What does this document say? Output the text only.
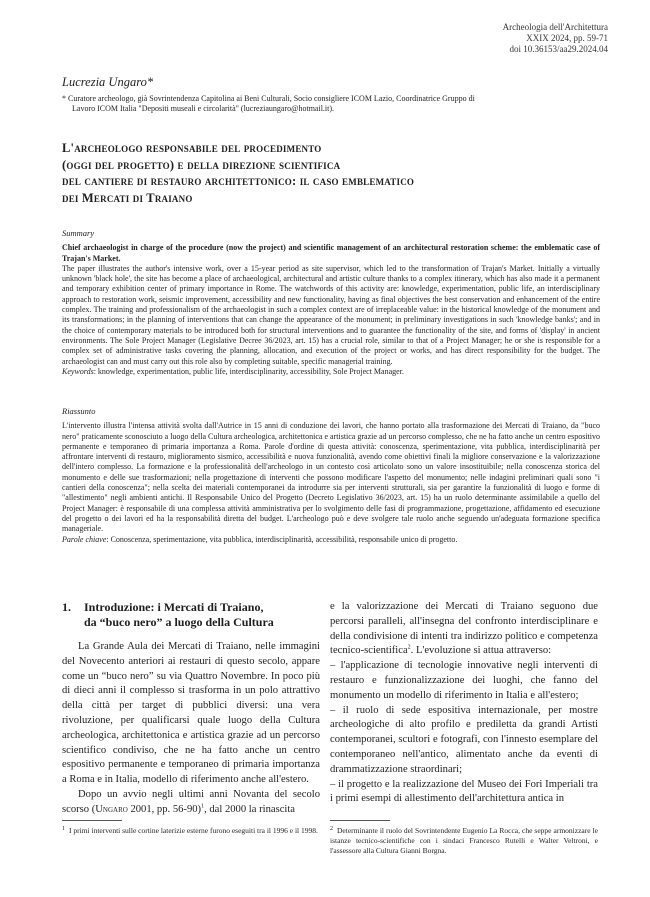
Archeologia dell'Architettura
XXIX 2024, pp. 59-71
doi 10.36153/aa29.2024.04
Lucrezia Ungaro*
* Curatore archeologo, già Sovrintendenza Capitolina ai Beni Culturali, Socio consigliere ICOM Lazio, Coordinatrice Gruppo di Lavoro ICOM Italia "Depositi museali e circolarità" (lucreziaungaro@hotmail.it).
L'archeologo responsabile del procedimento
(oggi del progetto) e della direzione scientifica
del cantiere di restauro architettonico: il caso emblematico
dei Mercati di Traiano
Summary

Chief archaeologist in charge of the procedure (now the project) and scientific management of an architectural restoration scheme: the emblematic case of Trajan's Market.

The paper illustrates the author's intensive work, over a 15-year period as site supervisor, which led to the transformation of Trajan's Market. Initially a virtually unknown 'black hole', the site has become a place of archaeological, architectural and artistic culture thanks to a complex itinerary, which has also made it a permanent and temporary exhibition center of primary importance in Rome. The watchwords of this activity are: knowledge, experimentation, public life, an interdisciplinary approach to restoration work, seismic improvement, accessibility and new functionality, having as final objectives the best conservation and enhancement of the entire complex. The training and professionalism of the archaeologist in such a complex context are of irreplaceable value: in the historical knowledge of the monument and its transformations; in the planning of interventions that can change the appearance of the monument; in preliminary investigations in such 'knowledge banks'; and in the choice of contemporary materials to be introduced both for structural interventions and to guarantee the functionality of the site, and forms of 'display' in ancient environments. The Sole Project Manager (Legislative Decree 36/2023, art. 15) has a crucial role, similar to that of a Project Manager; he or she is responsible for a complex set of administrative tasks covering the planning, allocation, and execution of the project or works, and has direct responsibility for the budget. The archaeologist can and must carry out this role also by completing suitable, specific managerial training.
Keywords: knowledge, experimentation, public life, interdisciplinarity, accessibility, Sole Project Manager.

Riassunto

L'intervento illustra l'intensa attività svolta dall'Autrice in 15 anni di conduzione dei lavori, che hanno portato alla trasformazione dei Mercati di Traiano, da "buco nero" praticamente sconosciuto a luogo della Cultura archeologica, architettonica e artistica grazie ad un percorso complesso, che ne ha fatto anche un centro espositivo permanente e temporaneo di primaria importanza a Roma. Parole d'ordine di questa attività: conoscenza, sperimentazione, vita pubblica, interdisciplinarità per affrontare interventi di restauro, miglioramento sismico, accessibilità e nuova funzionalità, avendo come obiettivi finali la migliore conservazione e la valorizzazione dell'intero complesso. La formazione e la professionalità dell'archeologo in un contesto così articolato sono un valore insostituibile; nella conoscenza storica del monumento e delle sue trasformazioni; nella progettazione di interventi che possono modificare l'aspetto del monumento; nelle indagini preliminari quali sono "i cantieri della conoscenza"; nella scelta dei materiali contemporanei da introdurre sia per interventi strutturali, sia per garantire la funzionalità di luogo e forme di "allestimento" negli ambienti antichi. Il Responsabile Unico del Progetto (Decreto Legislativo 36/2023, art. 15) ha un ruolo determinante assimilabile a quello del Project Manager: è responsabile di una complessa attività amministrativa per lo svolgimento delle fasi di programmazione, progettazione, affidamento ed esecuzione del progetto o dei lavori ed ha la responsabilità diretta del budget. L'archeologo può e deve svolgere tale ruolo anche seguendo un'adeguata formazione specifica manageriale.
Parole chiave: Conoscenza, sperimentazione, vita pubblica, interdisciplinarità, accessibilità, responsabile unico di progetto.

1.	Introduzione: i Mercati di Traiano,
da “buco nero” a luogo della Cultura

La Grande Aula dei Mercati di Traiano, nelle immagini del Novecento anteriori ai restauri di questo secolo, appare come un “buco nero” su via Quattro Novembre. In poco più di dieci anni il complesso si trasforma in un polo attrattivo della città per target di pubblici diversi: una vera rivoluzione, per qualificarsi quale luogo della Cultura archeologica, architettonica e artistica grazie ad un percorso scientifico condiviso, che ne ha fatto anche un centro espositivo permanente e temporaneo di primaria importanza a Roma e in Italia, modello di riferimento anche all'estero.

Dopo un avvio negli ultimi anni Novanta del secolo scorso (Ungaro 2001, pp. 56-90)$^1$, dal 2000 la rinascita

e la valorizzazione dei Mercati di Traiano seguono due percorsi paralleli, all'insegna del confronto interdisciplinare e della condivisione di intenti tra indirizzo politico e competenza tecnico-scientifica$^2$. L'evoluzione si attua attraverso:

– l'applicazione di tecnologie innovative negli interventi di restauro e funzionalizzazione dei luoghi, che fanno del monumento un modello di riferimento in Italia e all'estero;

– il ruolo di sede espositiva internazionale, per mostre archeologiche di alto profilo e prediletta da grandi Artisti contemporanei, scultori e fotografi, con l'innesto esemplare del contemporaneo nell'antico, alimentato anche da eventi di drammatizzazione straordinari;

– il progetto e la realizzazione del Museo dei Fori Imperiali tra i primi esempi di allestimento dell'architettura antica in

$^1$ I primi interventi sulle cortine laterizie esterne furono eseguiti tra il 1996 e il 1998.	$^2$ Determinante il ruolo del Sovrintendente Eugenio La Rocca, che seppe armonizzare le istanze tecnico-scientifiche con i sindaci Francesco Rutelli e Walter Veltroni, e l'assessore alla Cultura Gianni Borgna.
